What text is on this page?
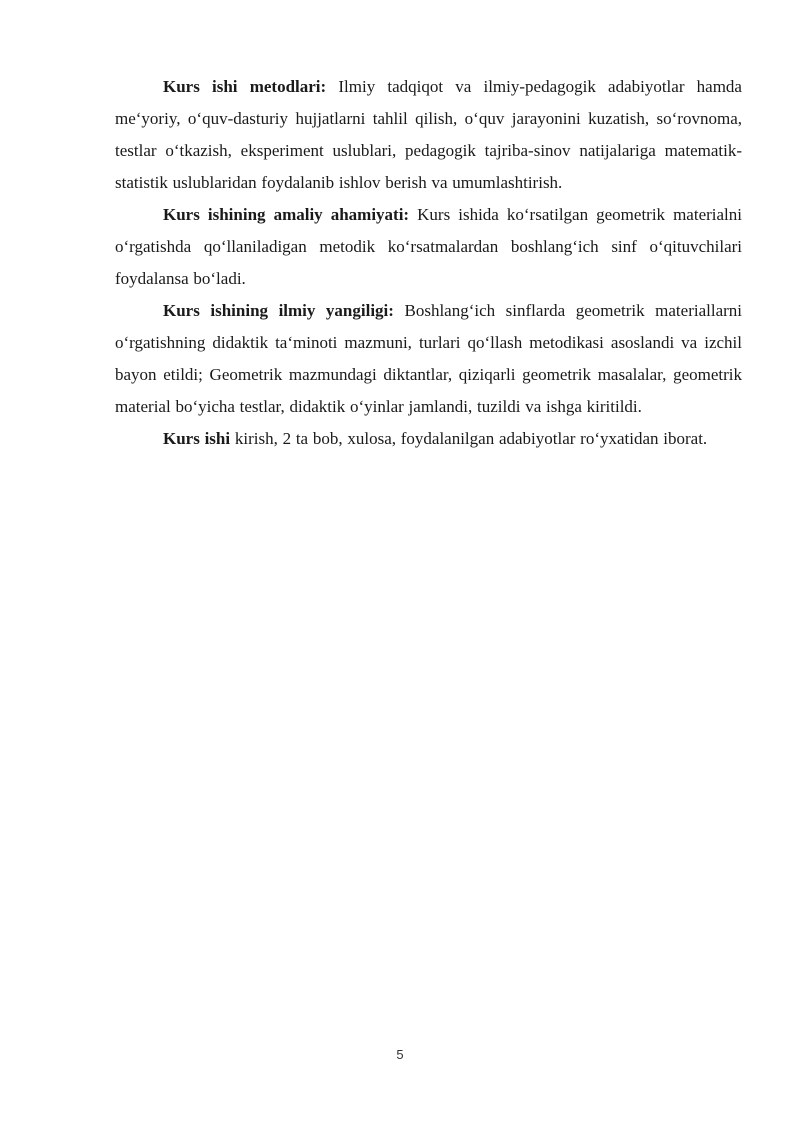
Kurs ishi metodlari: Ilmiy tadqiqot va ilmiy-pedagogik adabiyotlar hamda me‘yoriy, o‘quv-dasturiy hujjatlarni tahlil qilish, o‘quv jarayonini kuzatish, so‘rovnoma, testlar o‘tkazish, eksperiment uslublari, pedagogik tajriba-sinov natijalariga matematik-statistik uslublaridan foydalanib ishlov berish va umumlashtirish.

Kurs ishining amaliy ahamiyati: Kurs ishida ko‘rsatilgan geometrik materialni o‘rgatishda qo‘llaniladigan metodik ko‘rsatmalardan boshlang‘ich sinf o‘qituvchilari foydalansa bo‘ladi.

Kurs ishining ilmiy yangiligi: Boshlang‘ich sinflarda geometrik materiallarni o‘rgatishning didaktik ta‘minoti mazmuni, turlari qo‘llash metodikasi asoslandi va izchil bayon etildi; Geometrik mazmundagi diktantlar, qiziqarli geometrik masalalar, geometrik material bo‘yicha testlar, didaktik o‘yinlar jamlandi, tuzildi va ishga kiritildi.

Kurs ishi kirish, 2 ta bob, xulosa, foydalanilgan adabiyotlar ro‘yxatidan iborat.

5
